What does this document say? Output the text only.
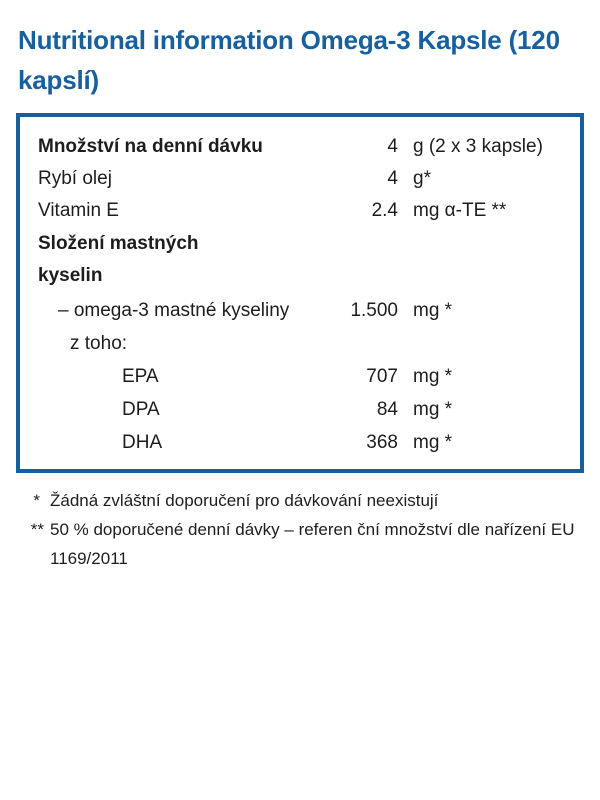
Nutritional information Omega-3 Kapsle (120 kapslí)
Množství na denní dávku	4 g (2 x 3 kapsle)
Rybí olej	4 g*
Vitamin E	2.4 mg α-TE **
Složení mastných
kyselin
– omega-3 mastné kyseliny	1.500 mg *
z toho:
EPA	707 mg *
DPA	84 mg *
DHA	368 mg *
* Žádná zvláštní doporučení pro dávkování neexistují
** 50 % doporučené denní dávky – referen ční množství dle nařízení EU 1169/2011
